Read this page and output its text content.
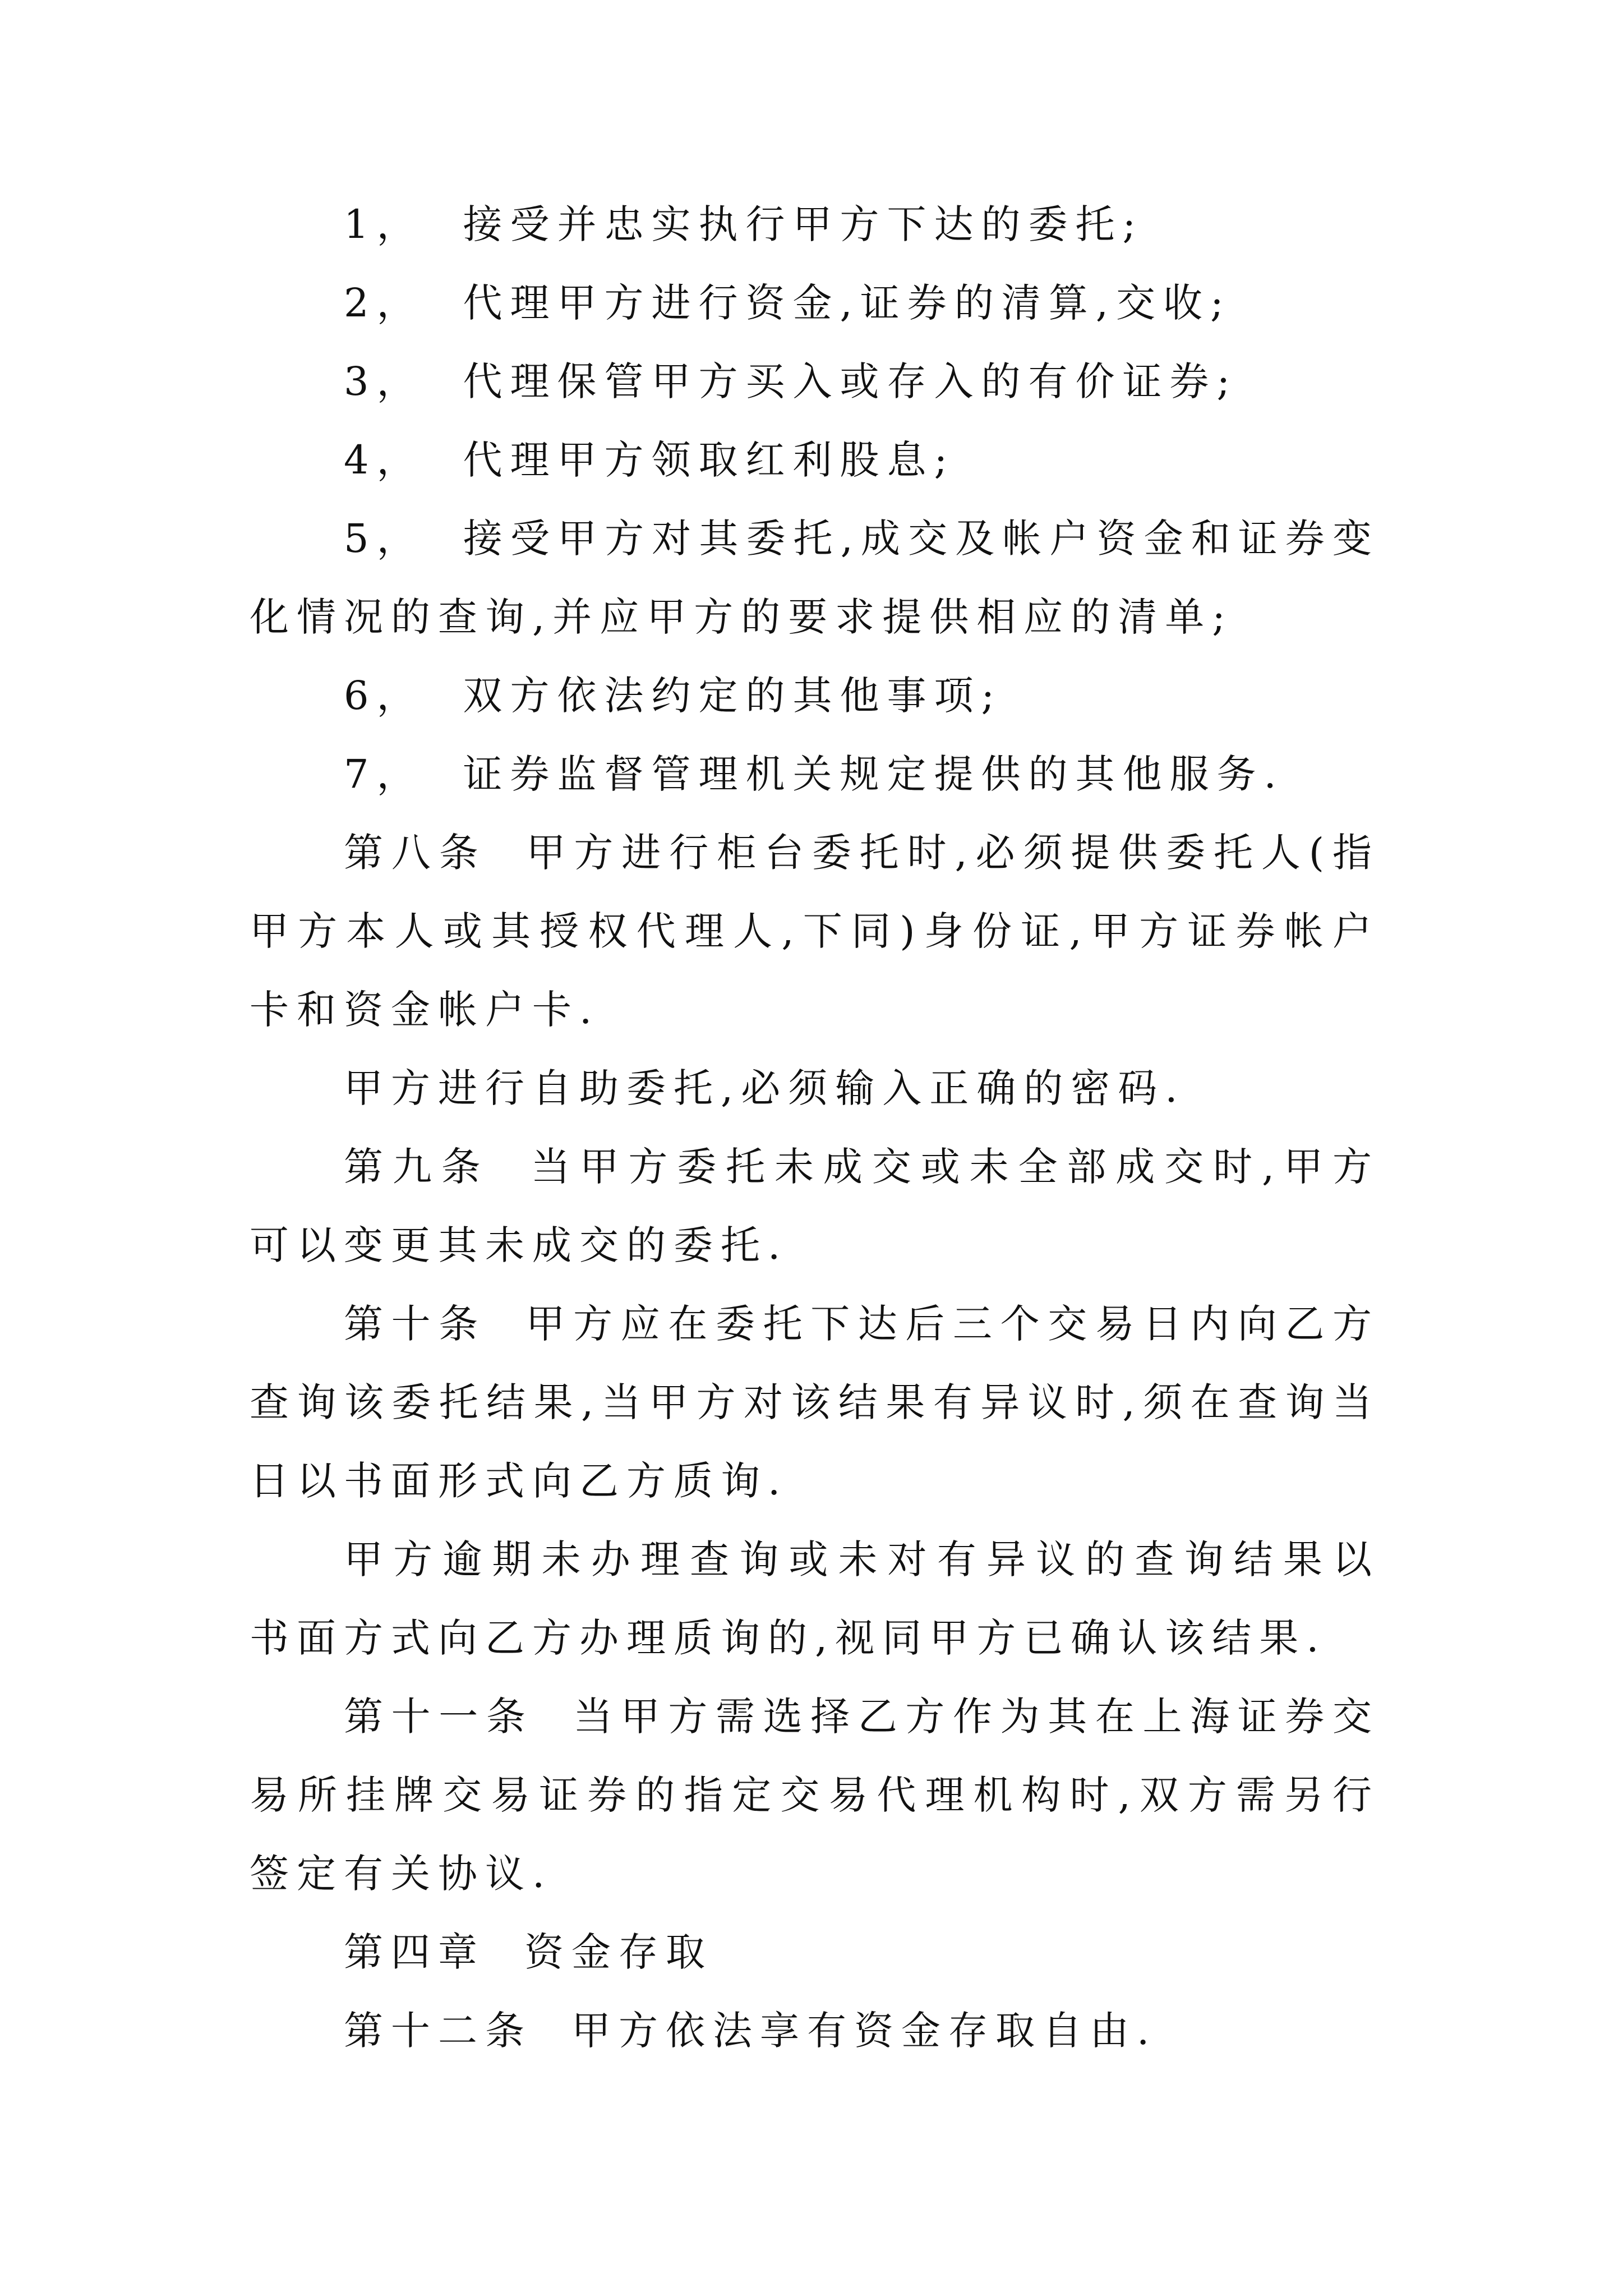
1， 接受并忠实执行甲方下达的委托;

2， 代理甲方进行资金,证券的清算,交收;

3， 代理保管甲方买入或存入的有价证券;

4， 代理甲方领取红利股息;

5， 接受甲方对其委托,成交及帐户资金和证券变化情况的查询,并应甲方的要求提供相应的清单;

6， 双方依法约定的其他事项;

7， 证券监督管理机关规定提供的其他服务.

第八条 甲方进行柜台委托时,必须提供委托人(指甲方本人或其授权代理人,下同)身份证,甲方证券帐户卡和资金帐户卡.

甲方进行自助委托,必须输入正确的密码.

第九条 当甲方委托未成交或未全部成交时,甲方可以变更其未成交的委托.

第十条 甲方应在委托下达后三个交易日内向乙方查询该委托结果,当甲方对该结果有异议时,须在查询当日以书面形式向乙方质询.

甲方逾期未办理查询或未对有异议的查询结果以书面方式向乙方办理质询的,视同甲方已确认该结果.

第十一条 当甲方需选择乙方作为其在上海证券交易所挂牌交易证券的指定交易代理机构时,双方需另行签定有关协议.

第四章 资金存取

第十二条 甲方依法享有资金存取自由.
